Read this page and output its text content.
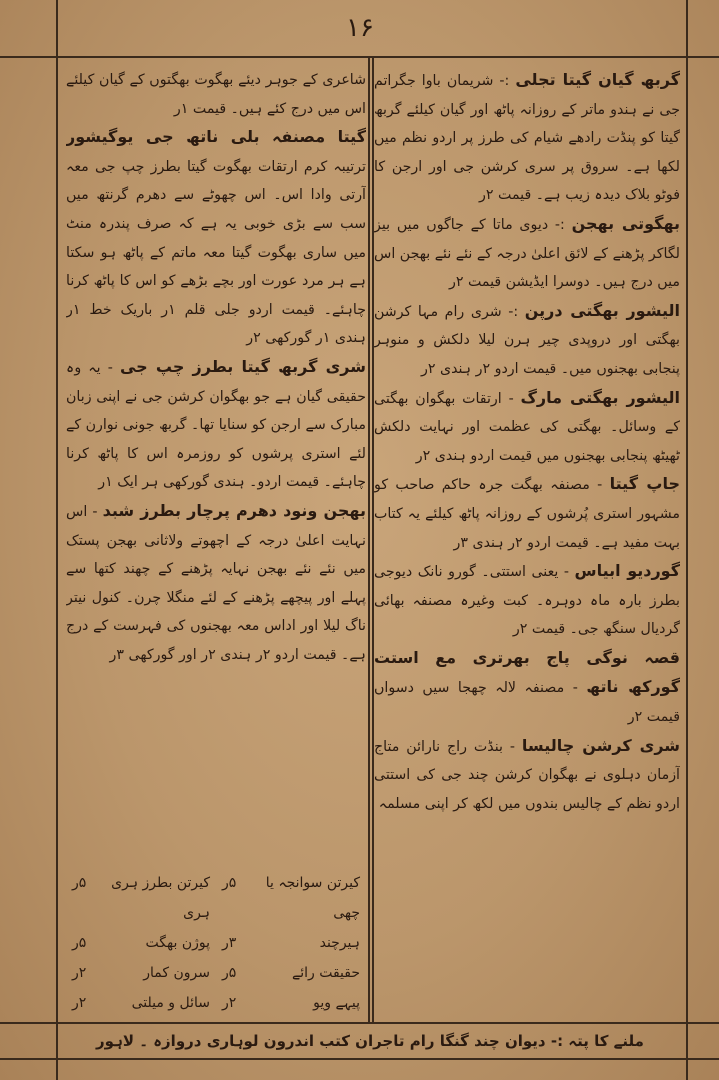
۱۶

گربھ گیان گیتا تجلی :- شریمان باوا جگراتم جی نے ہندو ماتر کے روزانہ پاٹھ اور گیان کیلئے گربھ گیتا کو پنڈت رادھے شیام کی طرز پر اردو نظم میں لکھا ہے۔ سروق پر سری کرشن جی اور ارجن کا فوٹو بلاک دیدہ زیب ہے۔ قیمت ۲ر

بھگوتی بھجن :- دیوی ماتا کے جاگوں میں بیز لگاکر پڑھنے کے لائق اعلیٰ درجہ کے نئے نئے بھجن اس میں درج ہیں۔ دوسرا ایڈیشن قیمت ۲ر

الیشور بھگتی درپن :- شری رام مہا کرشن بھگتی اور دروپدی چیر ہرن لیلا دلکش و منوہر پنجابی بھجنوں میں۔ قیمت اردو ۲ر ہندی ۲ر

الیشور بھگتی مارگ - ارتقات بھگوان بھگتی کے وسائل۔ بھگتی کی عظمت اور نہایت دلکش ٹھیٹھ پنجابی بھجنوں میں قیمت اردو ہندی ۲ر

جاپ گیتا - مصنفہ بھگت جرہ حاکم صاحب کو مشہور استری پُرشوں کے روزانہ پاٹھ کیلئے یہ کتاب بہت مفید ہے۔ قیمت اردو ۲ر ہندی ۳ر

گوردیو ابیاس - یعنی استتی۔ گورو نانک دیوجی بطرز بارہ ماہ دوہرہ۔ کبت وغیرہ مصنفہ بھائی گردیال سنگھ جی۔ قیمت ۲ر

قصہ نوگی پاج بھرتری مع استت گورکھ ناتھ - مصنفہ لالہ چھجا سیں دسواں قیمت ۲ر

شری کرشن چالیسا - بنڈت راج نارائن متاج آزمان دہلوی نے بھگوان کرشن چند جی کی استتی اردو نظم کے چالیس بندوں میں لکھ کر اپنی مسلمہ

شاعری کے جوہر دیئے بھگوت بھگتوں کے گیان کیلئے اس میں درج کئے ہیں۔ قیمت ۱ر

گیتا مصنفہ بلی ناتھ جی یوگیشور ترتیبہ کرم ارتقات بھگوت گیتا بطرز چپ جی معہ آرتی وادا اس۔ اس چھوٹے سے دھرم گرنتھ میں سب سے بڑی خوبی یہ ہے کہ صرف پندرہ منٹ میں ساری بھگوت گیتا معہ ماتم کے پاٹھ ہو سکتا ہے ہر مرد عورت اور بچے بڑھے کو اس کا پاٹھ کرنا چاہئے۔ قیمت اردو جلی قلم ۱ر باریک خط ۱ر ہندی ۱ر گورکھی ۲ر

شری گربھ گیتا بطرز چپ جی - یہ وہ حقیقی گیان ہے جو بھگوان کرشن جی نے اپنی زبان مبارک سے ارجن کو سنایا تھا۔ گربھ جونی نوارن کے لئے استری پرشوں کو روزمرہ اس کا پاٹھ کرنا چاہئے۔ قیمت اردو۔ ہندی گورکھی ہر ایک ۱ر

بھجن ونود دھرم پرچار بطرز شبد - اس نہایت اعلیٰ درجہ کے اچھوتے ولاثانی بھجن پستک میں نئے نئے بھجن نہایہ پڑھنے کے چھند کتھا سے پہلے اور پیچھے پڑھنے کے لئے منگلا چرن۔ کنول نیتر ناگ لیلا اور اداس معہ بھجنوں کی فہرست کے درج ہے۔ قیمت اردو ۲ر ہندی ۲ر اور گورکھی ۳ر

کیرتن سوانجہ یا چھی
۵ر
کیرتن بطرز ہری ہری
۵ر
ہیرچند
۳ر
پوژن بھگت
۵ر
حقیقت رائے
۵ر
سرون کمار
۲ر
پیہے ویو
۲ر
سائل و میلتی
۲ر
ملنے کا پتہ :- دیوان چند گنگا رام تاجران کتب اندرون لوہاری دروازہ ۔ لاہور
